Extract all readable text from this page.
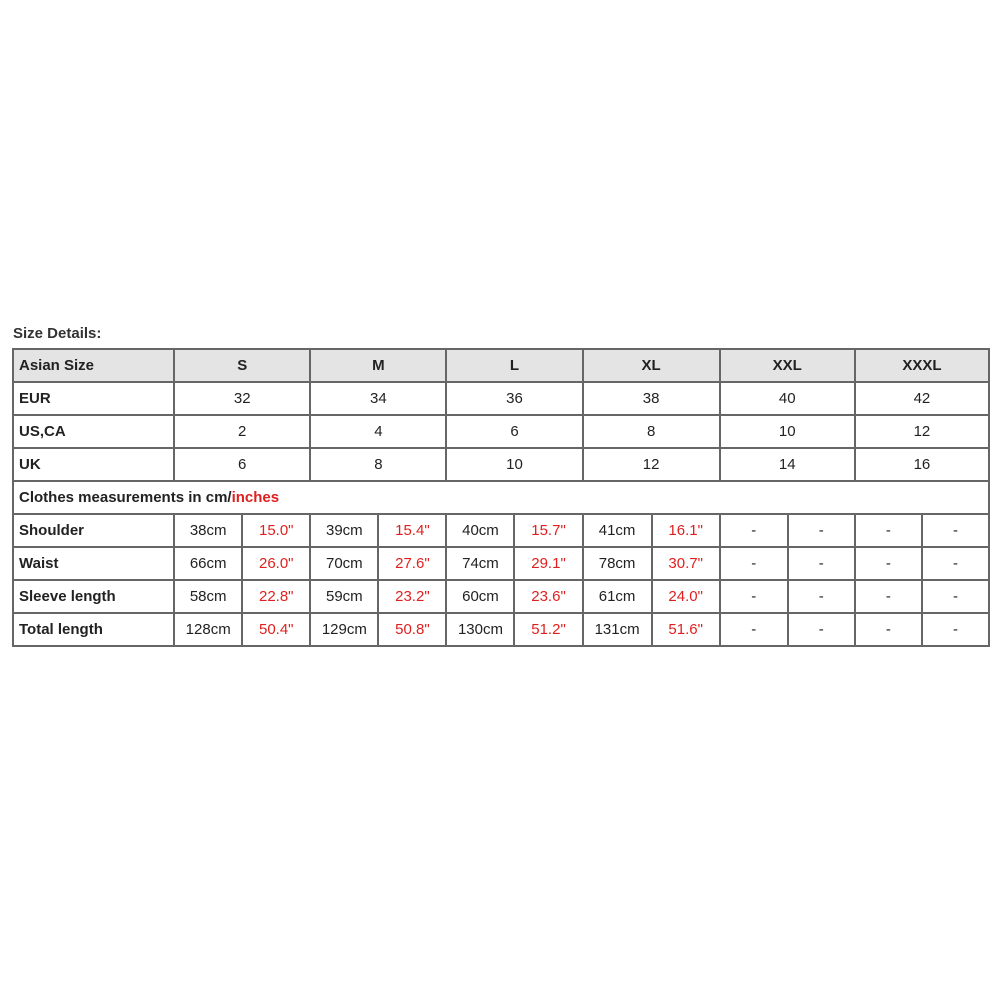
Size Details:
Asian Size	S		M		L		XL		XXL		XXXL	
EUR	32		34		36		38		40		42	
US,CA	2		4		6		8		10		12	
UK	6		8		10		12		14		16	
Clothes measurements in cm/inches												
Shoulder	38cm	15.0"	39cm	15.4"	40cm	15.7"	41cm	16.1"	-	-	-	-
Waist	66cm	26.0"	70cm	27.6"	74cm	29.1"	78cm	30.7"	-	-	-	-
Sleeve length	58cm	22.8"	59cm	23.2"	60cm	23.6"	61cm	24.0"	-	-	-	-
Total length	128cm	50.4"	129cm	50.8"	130cm	51.2"	131cm	51.6"	-	-	-	-
